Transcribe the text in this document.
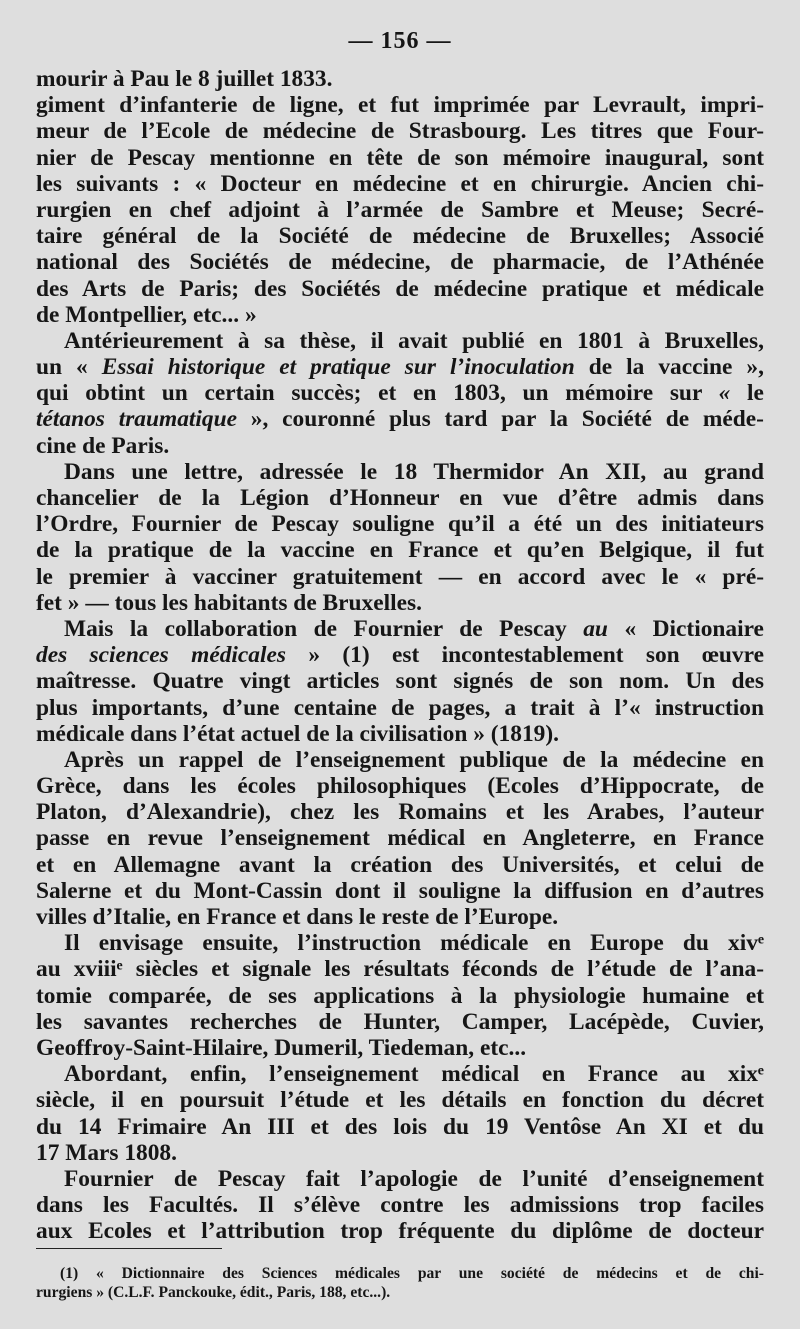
— 156 —
mourir à Pau le 8 juillet 1833.
giment d’infanterie de ligne, et fut imprimée par Levrault, impri-
meur de l’Ecole de médecine de Strasbourg. Les titres que Four-
nier de Pescay mentionne en tête de son mémoire inaugural, sont
les suivants : « Docteur en médecine et en chirurgie. Ancien chi-
rurgien en chef adjoint à l’armée de Sambre et Meuse; Secré-
taire général de la Société de médecine de Bruxelles; Associé
national des Sociétés de médecine, de pharmacie, de l’Athénée
des Arts de Paris; des Sociétés de médecine pratique et médicale
de Montpellier, etc... »
Antérieurement à sa thèse, il avait publié en 1801 à Bruxelles,
un « Essai historique et pratique sur l’inoculation de la vaccine »,
qui obtint un certain succès; et en 1803, un mémoire sur « le
tétanos traumatique », couronné plus tard par la Société de méde-
cine de Paris.
Dans une lettre, adressée le 18 Thermidor An XII, au grand
chancelier de la Légion d’Honneur en vue d’être admis dans
l’Ordre, Fournier de Pescay souligne qu’il a été un des initiateurs
de la pratique de la vaccine en France et qu’en Belgique, il fut
le premier à vacciner gratuitement — en accord avec le « pré-
fet » — tous les habitants de Bruxelles.
Mais la collaboration de Fournier de Pescay au « Dictionaire
des sciences médicales » (1) est incontestablement son œuvre
maîtresse. Quatre vingt articles sont signés de son nom. Un des
plus importants, d’une centaine de pages, a trait à l’« instruction
médicale dans l’état actuel de la civilisation » (1819).
Après un rappel de l’enseignement publique de la médecine en
Grèce, dans les écoles philosophiques (Ecoles d’Hippocrate, de
Platon, d’Alexandrie), chez les Romains et les Arabes, l’auteur
passe en revue l’enseignement médical en Angleterre, en France
et en Allemagne avant la création des Universités, et celui de
Salerne et du Mont-Cassin dont il souligne la diffusion en d’autres
villes d’Italie, en France et dans le reste de l’Europe.
Il envisage ensuite, l’instruction médicale en Europe du xivᵉ
au xviiiᵉ siècles et signale les résultats féconds de l’étude de l’ana-
tomie comparée, de ses applications à la physiologie humaine et
les savantes recherches de Hunter, Camper, Lacépède, Cuvier,
Geoffroy-Saint-Hilaire, Dumeril, Tiedeman, etc...
Abordant, enfin, l’enseignement médical en France au xixᵉ
siècle, il en poursuit l’étude et les détails en fonction du décret
du 14 Frimaire An III et des lois du 19 Ventôse An XI et du
17 Mars 1808.
Fournier de Pescay fait l’apologie de l’unité d’enseignement
dans les Facultés. Il s’élève contre les admissions trop faciles
aux Ecoles et l’attribution trop fréquente du diplôme de docteur
(1) « Dictionnaire des Sciences médicales par une société de médecins et de chi-
rurgiens » (C.L.F. Panckouke, édit., Paris, 188, etc...).
